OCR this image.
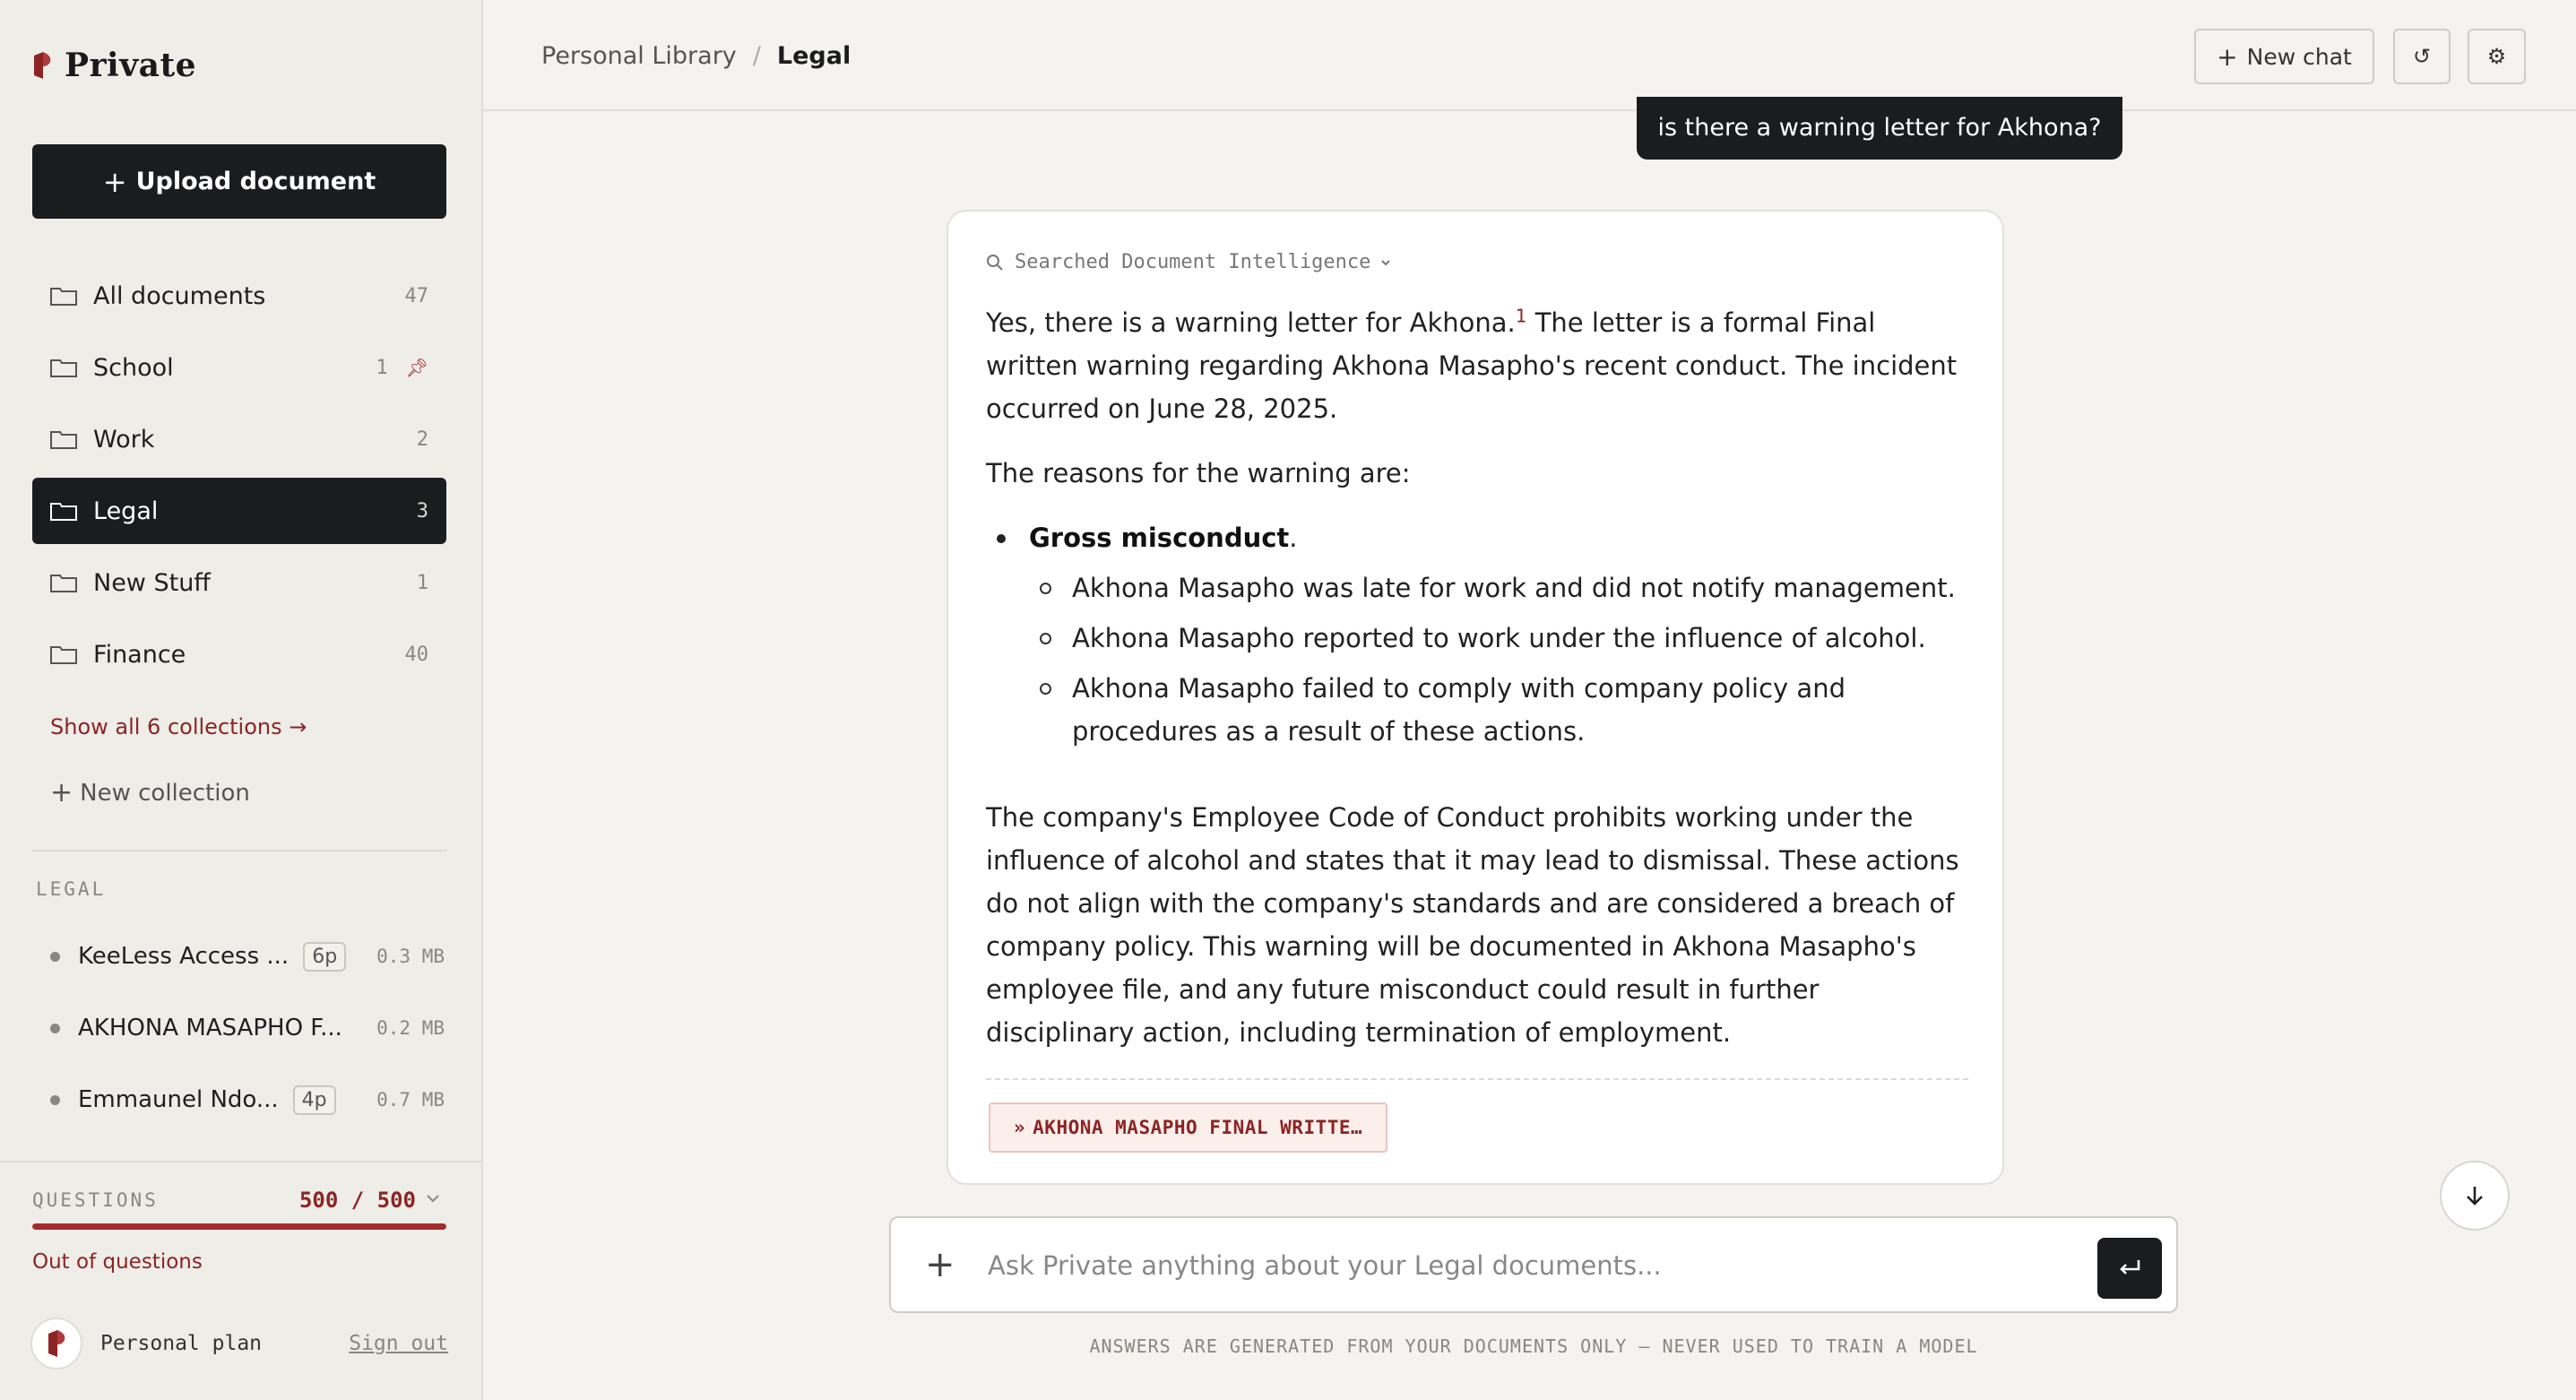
Private
+ Upload document
All documents	47
School	1 📌︎
Work	2
Legal	3
New Stuff	1
Finance	40
Show all 6 collections →
+ New collection
LEGAL
KeeLess Access ...	6p	0.3 MB
AKHONA MASAPHO F... 0.2 MB
Emmaunel Ndo...	4p	0.7 MB
QUESTIONS	500 / 500
Out of questions
Personal plan	Sign out
Personal Library / Legal	+ New chat	↺	⚙
is there a warning letter for Akhona?
Searched Document Intelligence

Yes, there is a warning letter for Akhona.$^1$ The letter is a formal Final written warning regarding Akhona Masapho's recent conduct. The incident occurred on June 28, 2025.

The reasons for the warning are:

Gross misconduct.
Akhona Masapho was late for work and did not notify management.
Akhona Masapho reported to work under the influence of alcohol.
Akhona Masapho failed to comply with company policy and procedures as a result of these actions.

The company's Employee Code of Conduct prohibits working under the influence of alcohol and states that it may lead to dismissal. These actions do not align with the company's standards and are considered a breach of company policy. This warning will be documented in Akhona Masapho's employee file, and any future misconduct could result in further disciplinary action, including termination of employment.

» AKHONA MASAPHO FINAL WRITTE…
+ Ask Private anything about your Legal documents...
ANSWERS ARE GENERATED FROM YOUR DOCUMENTS ONLY — NEVER USED TO TRAIN A MODEL
